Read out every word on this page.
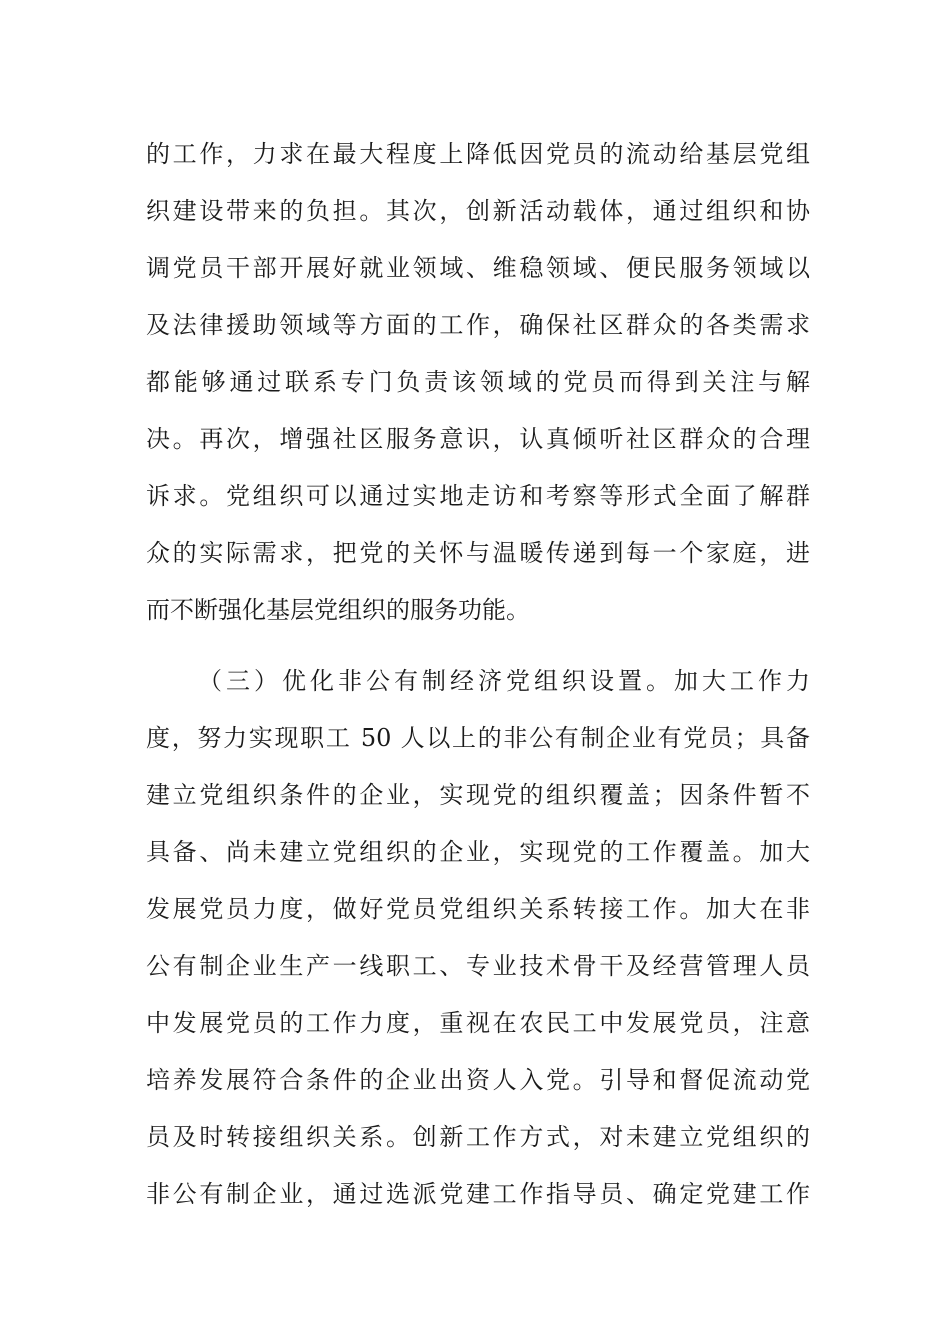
的工作，力求在最大程度上降低因党员的流动给基层党组
织建设带来的负担。其次，创新活动载体，通过组织和协
调党员干部开展好就业领域、维稳领域、便民服务领域以
及法律援助领域等方面的工作，确保社区群众的各类需求
都能够通过联系专门负责该领域的党员而得到关注与解
决。再次，增强社区服务意识，认真倾听社区群众的合理
诉求。党组织可以通过实地走访和考察等形式全面了解群
众的实际需求，把党的关怀与温暖传递到每一个家庭，进
而不断强化基层党组织的服务功能。
（三）优化非公有制经济党组织设置。加大工作力
度，努力实现职工 50 人以上的非公有制企业有党员；具备
建立党组织条件的企业，实现党的组织覆盖；因条件暂不
具备、尚未建立党组织的企业，实现党的工作覆盖。加大
发展党员力度，做好党员党组织关系转接工作。加大在非
公有制企业生产一线职工、专业技术骨干及经营管理人员
中发展党员的工作力度，重视在农民工中发展党员，注意
培养发展符合条件的企业出资人入党。引导和督促流动党
员及时转接组织关系。创新工作方式，对未建立党组织的
非公有制企业，通过选派党建工作指导员、确定党建工作
